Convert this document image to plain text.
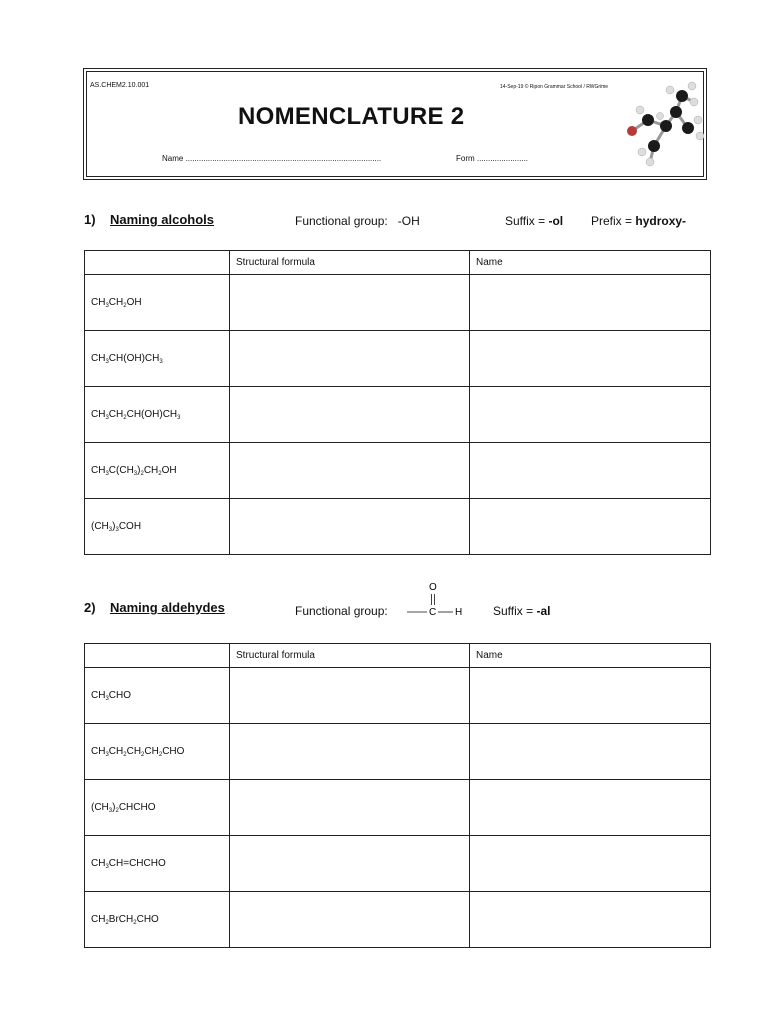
AS.CHEM2.10.001	14-Sep-19 © Ripon Grammar School / RWGrime
NOMENCLATURE 2
Name ........................................................................................	Form .......................
1) Naming alcohols	Functional group: -OH	Suffix = -ol Prefix = hydroxy-
	Structural formula	Name
$CH_3CH_2OH$		
$CH_3CH(OH)CH_3$		
$CH_3CH_2CH(OH)CH_3$		
$CH_3C(CH_3)_2CH_2OH$		
$(CH_3)_3COH$		
2) Naming aldehydes	Functional group:
O
C H	Suffix = -al
	Structural formula	Name
$CH_3CHO$		
$CH_3CH_2CH_2CH_2CHO$		
$(CH_3)_2CHCHO$		
$CH_3CH=CHCHO$		
$CH_2BrCH_2CHO$		
